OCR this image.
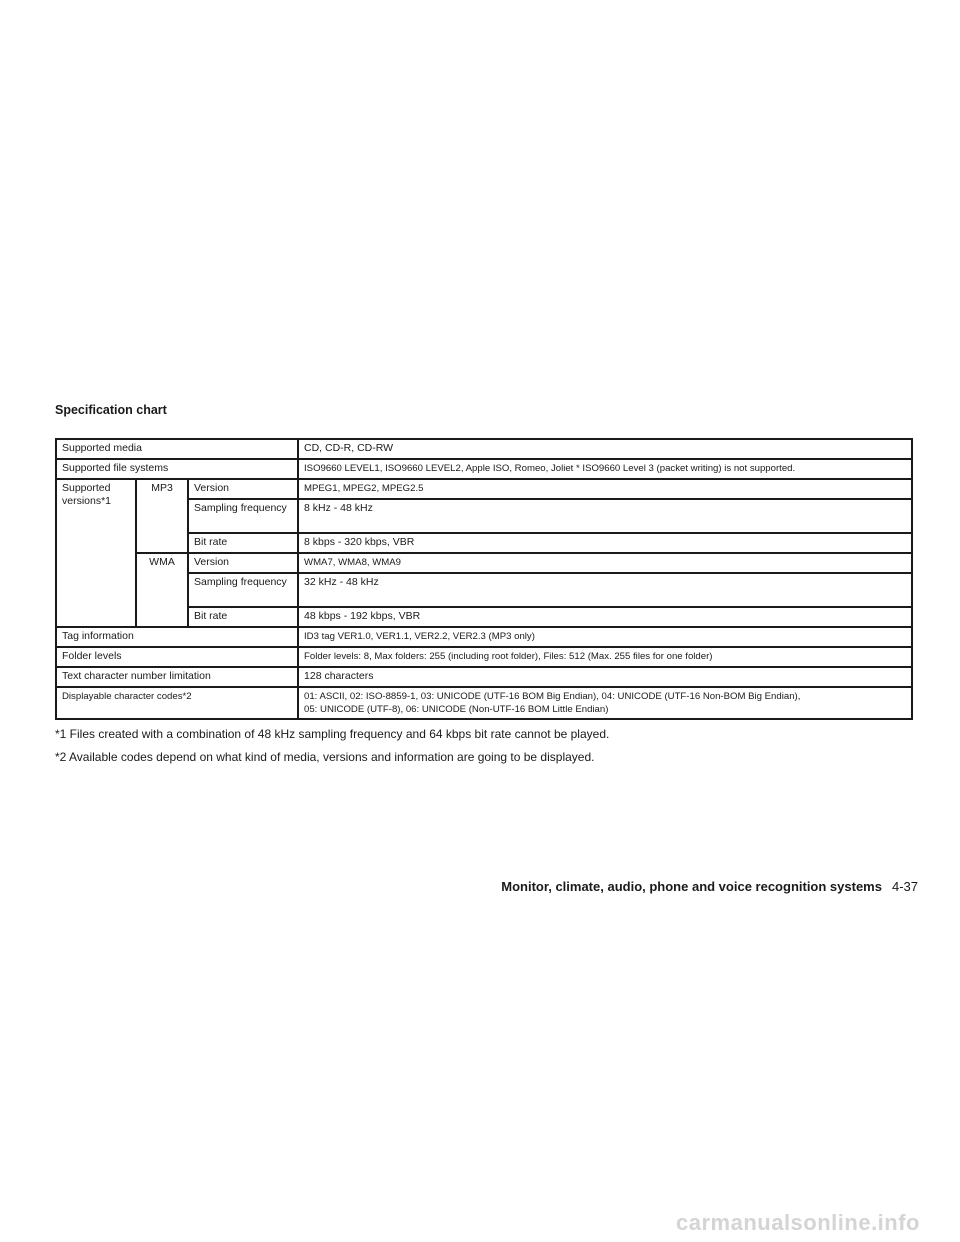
Specification chart
Supported media			CD, CD-R, CD-RW
Supported file systems			ISO9660 LEVEL1, ISO9660 LEVEL2, Apple ISO, Romeo, Joliet * ISO9660 Level 3 (packet writing) is not supported.
Supported versions*1	MP3	Version	MPEG1, MPEG2, MPEG2.5
		Sampling frequency	8 kHz - 48 kHz
		Bit rate	8 kbps - 320 kbps, VBR
	WMA	Version	WMA7, WMA8, WMA9
		Sampling frequency	32 kHz - 48 kHz
		Bit rate	48 kbps - 192 kbps, VBR
Tag information			ID3 tag VER1.0, VER1.1, VER2.2, VER2.3 (MP3 only)
Folder levels			Folder levels: 8, Max folders: 255 (including root folder), Files: 512 (Max. 255 files for one folder)
Text character number limitation			128 characters
Displayable character codes*2			01: ASCII, 02: ISO-8859-1, 03: UNICODE (UTF-16 BOM Big Endian), 04: UNICODE (UTF-16 Non-BOM Big Endian),
05: UNICODE (UTF-8), 06: UNICODE (Non-UTF-16 BOM Little Endian)

*1 Files created with a combination of 48 kHz sampling frequency and 64 kbps bit rate cannot be played.

*2 Available codes depend on what kind of media, versions and information are going to be displayed.

Monitor, climate, audio, phone and voice recognition systems 4-37
carmanualsonline.info
